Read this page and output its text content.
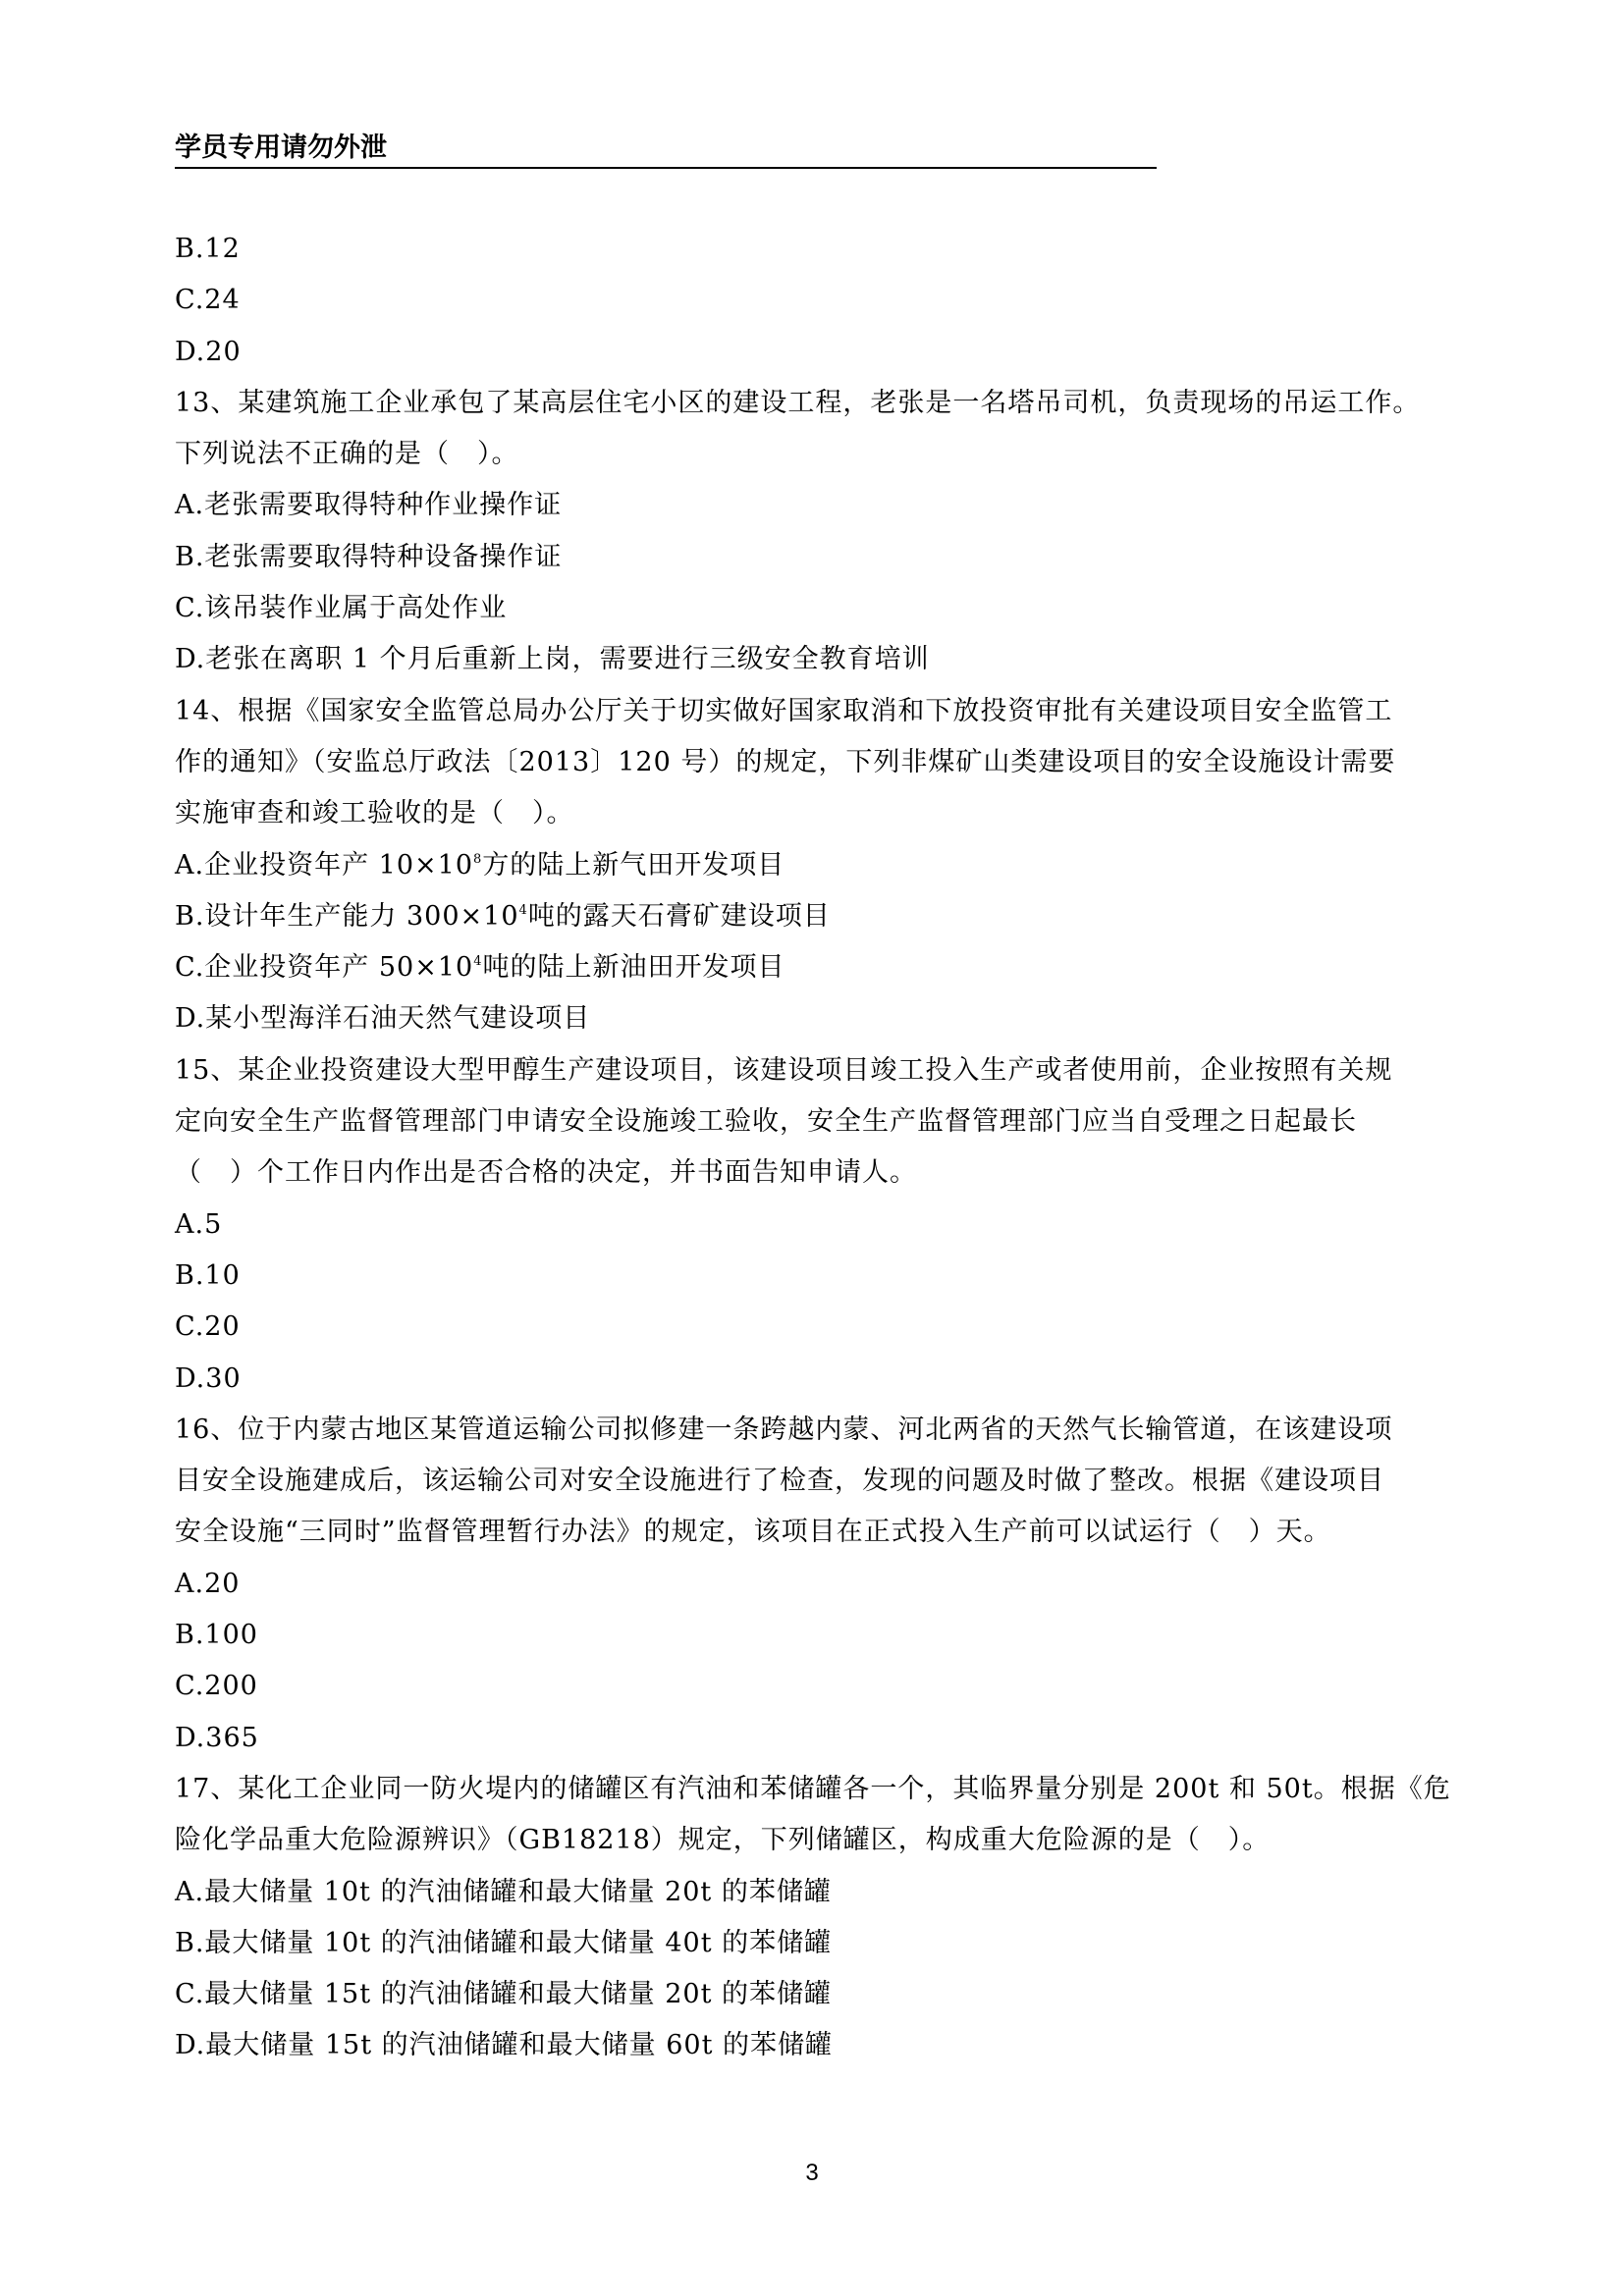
学员专用请勿外泄
B.12
C.24
D.20
13、某建筑施工企业承包了某高层住宅小区的建设工程，老张是一名塔吊司机，负责现场的吊运工作。
下列说法不正确的是（　）。
A.老张需要取得特种作业操作证
B.老张需要取得特种设备操作证
C.该吊装作业属于高处作业
D.老张在离职 1 个月后重新上岗，需要进行三级安全教育培训
14、根据《国家安全监管总局办公厅关于切实做好国家取消和下放投资审批有关建设项目安全监管工
作的通知》（安监总厅政法〔2013〕120 号）的规定，下列非煤矿山类建设项目的安全设施设计需要
实施审查和竣工验收的是（　）。
A.企业投资年产 $10\times 10^8$方的陆上新气田开发项目
B.设计年生产能力 $300\times 10^4$吨的露天石膏矿建设项目
C.企业投资年产 $50\times 10^4$吨的陆上新油田开发项目
D.某小型海洋石油天然气建设项目
15、某企业投资建设大型甲醇生产建设项目，该建设项目竣工投入生产或者使用前，企业按照有关规
定向安全生产监督管理部门申请安全设施竣工验收，安全生产监督管理部门应当自受理之日起最长
（　）个工作日内作出是否合格的决定，并书面告知申请人。
A.5
B.10
C.20
D.30
16、位于内蒙古地区某管道运输公司拟修建一条跨越内蒙、河北两省的天然气长输管道，在该建设项
目安全设施建成后，该运输公司对安全设施进行了检查，发现的问题及时做了整改。根据《建设项目
安全设施“三同时”监督管理暂行办法》的规定，该项目在正式投入生产前可以试运行（　）天。
A.20
B.100
C.200
D.365
17、某化工企业同一防火堤内的储罐区有汽油和苯储罐各一个，其临界量分别是 200t 和 50t。根据《危
险化学品重大危险源辨识》（GB18218）规定，下列储罐区，构成重大危险源的是（　）。
A.最大储量 10t 的汽油储罐和最大储量 20t 的苯储罐
B.最大储量 10t 的汽油储罐和最大储量 40t 的苯储罐
C.最大储量 15t 的汽油储罐和最大储量 20t 的苯储罐
D.最大储量 15t 的汽油储罐和最大储量 60t 的苯储罐
3
